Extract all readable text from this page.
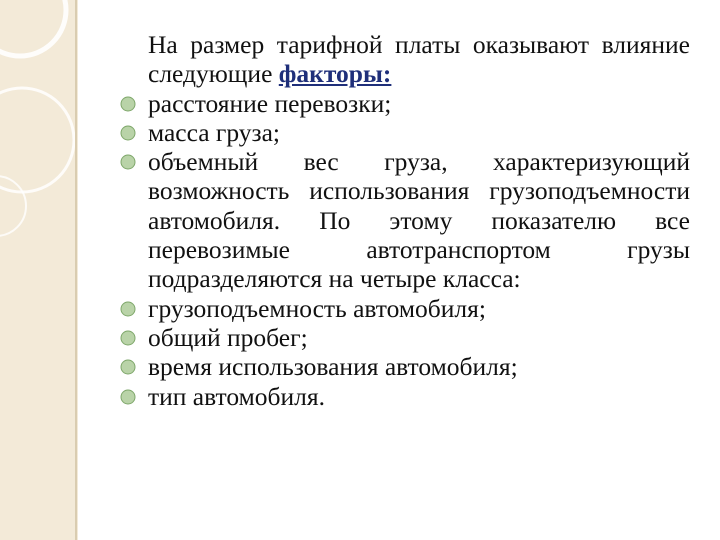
На размер тарифной платы оказывают влияние следующие факторы:

расстояние перевозки;
масса груза;
объемный вес груза, характеризующий возможность использования грузоподъемности автомобиля. По этому показателю все перевозимые автотранспортом грузы подразделяются на четыре класса:
грузоподъемность автомобиля;
общий пробег;
время использования автомобиля;
тип автомобиля.
